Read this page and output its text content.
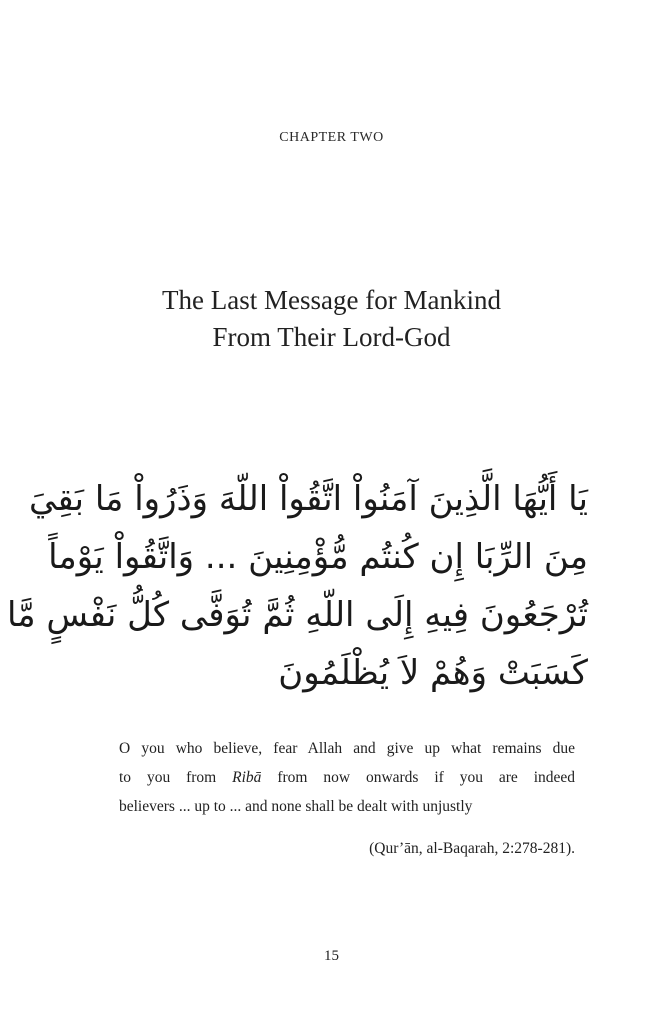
CHAPTER TWO
The Last Message for Mankind
From Their Lord-God
يَا أَيُّهَا الَّذِينَ آمَنُواْ اتَّقُواْ اللّهَ وَذَرُواْ مَا بَقِيَ
مِنَ الرِّبَا إِن كُنتُم مُّؤْمِنِينَ ... وَاتَّقُواْ يَوْماً
تُرْجَعُونَ فِيهِ إِلَى اللّهِ ثُمَّ تُوَفَّى كُلُّ نَفْسٍ مَّا
كَسَبَتْ وَهُمْ لاَ يُظْلَمُونَ
O you who believe, fear Allah and give up what remains due
to you from Ribā from now onwards if you are indeed
believers ... up to ... and none shall be dealt with unjustly
(Qur’ān, al-Baqarah, 2:278-281).
15
